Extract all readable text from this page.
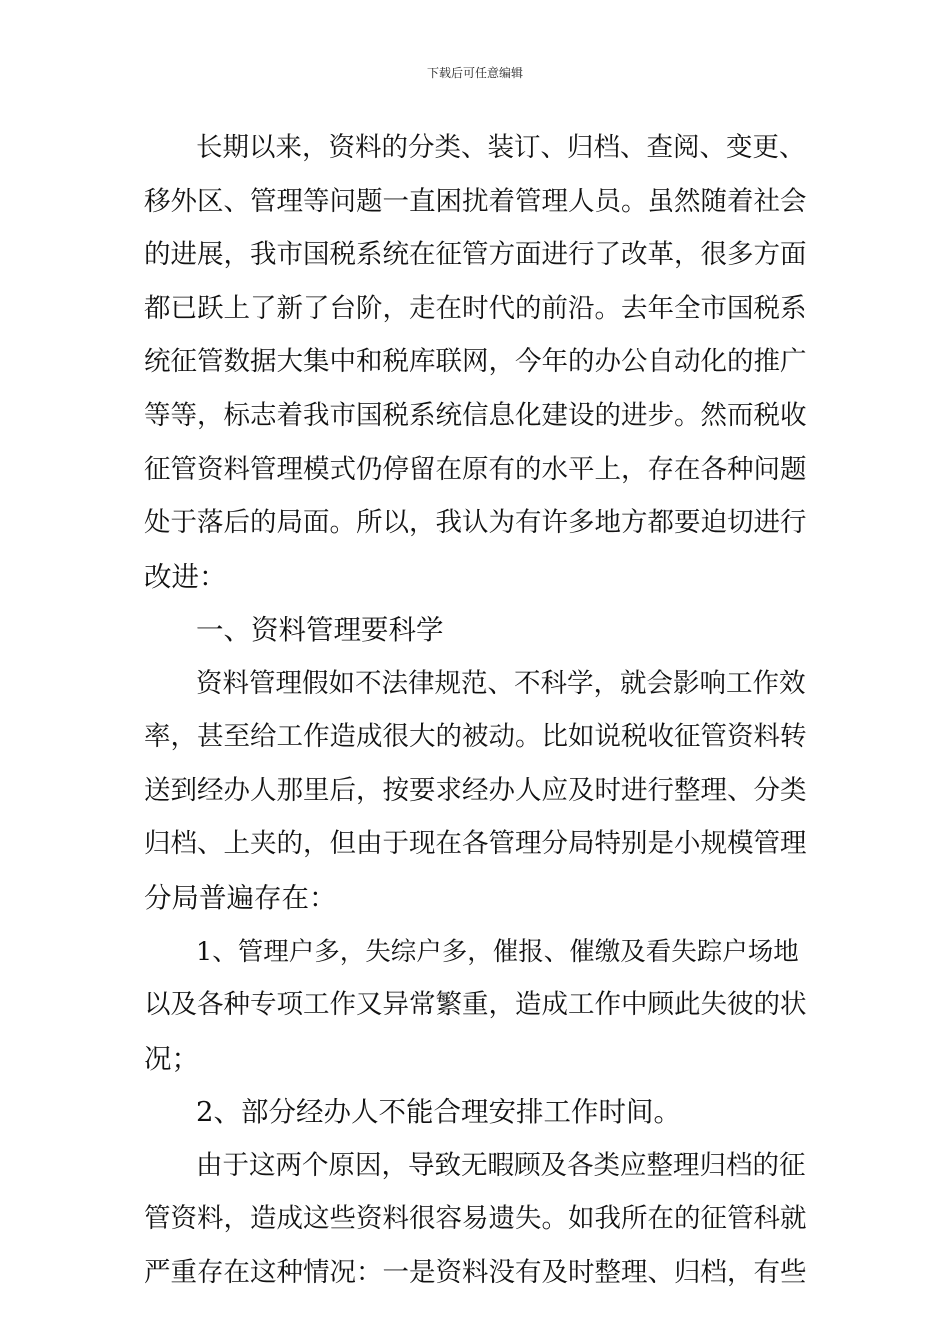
下载后可任意编辑
长期以来，资料的分类、装订、归档、查阅、变更、
移外区、管理等问题一直困扰着管理人员。虽然随着社会
的进展，我市国税系统在征管方面进行了改革，很多方面
都已跃上了新了台阶，走在时代的前沿。去年全市国税系
统征管数据大集中和税库联网，今年的办公自动化的推广
等等，标志着我市国税系统信息化建设的进步。然而税收
征管资料管理模式仍停留在原有的水平上，存在各种问题
处于落后的局面。所以，我认为有许多地方都要迫切进行
改进：
一、资料管理要科学
资料管理假如不法律规范、不科学，就会影响工作效
率，甚至给工作造成很大的被动。比如说税收征管资料转
送到经办人那里后，按要求经办人应及时进行整理、分类
归档、上夹的，但由于现在各管理分局特别是小规模管理
分局普遍存在：
1、管理户多，失综户多，催报、催缴及看失踪户场地
以及各种专项工作又异常繁重，造成工作中顾此失彼的状
况；
2、部分经办人不能合理安排工作时间。
由于这两个原因，导致无暇顾及各类应整理归档的征
管资料，造成这些资料很容易遗失。如我所在的征管科就
严重存在这种情况：一是资料没有及时整理、归档，有些
